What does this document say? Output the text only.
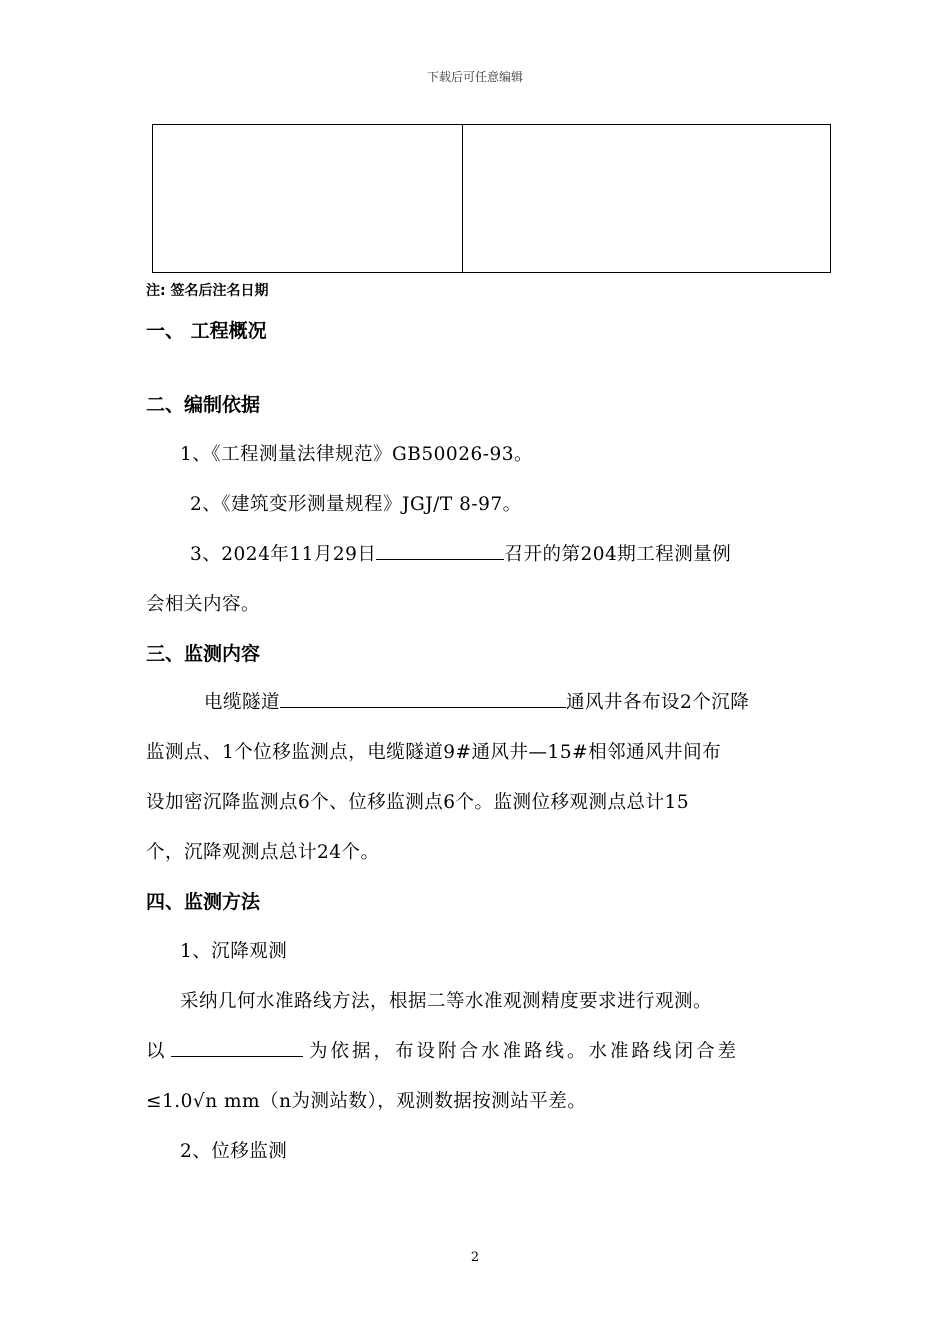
下载后可任意编辑
注: 签名后注名日期
一、 工程概况
二、编制依据
1、《工程测量法律规范》GB50026-93。
2、《建筑变形测量规程》JGJ/T 8-97。
3、2024年11月29日	召开的第204期工程测量例
会相关内容。
三、监测内容
电缆隧道	通风井各布设2个沉降
监测点、1个位移监测点，电缆隧道9#通风井—15#相邻通风井间布
设加密沉降监测点6个、位移监测点6个。监测位移观测点总计15
个，沉降观测点总计24个。
四、监测方法
1、沉降观测
采纳几何水准路线方法，根据二等水准观测精度要求进行观测。
以	为依据，布设附合水准路线。水准路线闭合差
≤1.0√n mm（n为测站数），观测数据按测站平差。
2、位移监测
2
